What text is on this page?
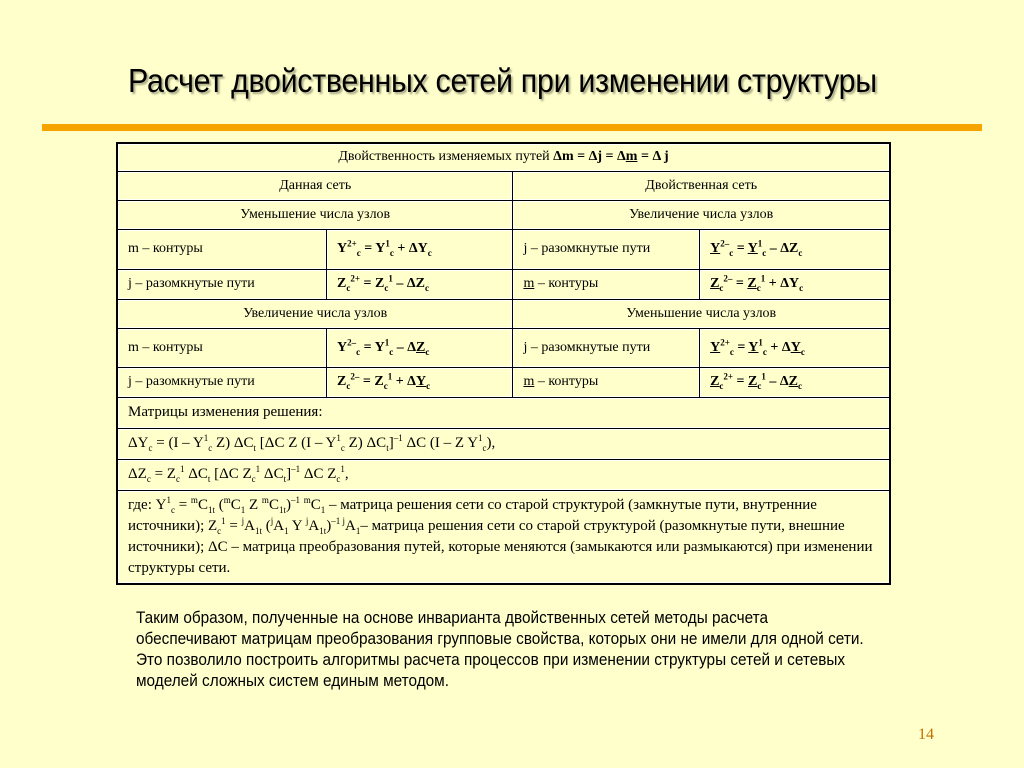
Расчет двойственных сетей при изменении структуры
Двойственность изменяемых путей Δm = Δj = Δm = Δ j			
Данная сеть		Двойственная сеть	
Уменьшение числа узлов		Увеличение числа узлов	
m – контуры	$Y^{2+}_c = Y^1_c + \Delta Y_c$	j – разомкнутые пути	$Y^{2-}_c = Y^1_c - \Delta Z_c$
j – разомкнутые пути	$Z_c^{2+} = Z_c^1 - \Delta Z_c$	m – контуры	$Z_c^{2-} = Z_c^1 + \Delta Y_c$
Увеличение числа узлов		Уменьшение числа узлов	
m – контуры	$Y^{2-}_c = Y^1_c - \Delta Z_c$	j – разомкнутые пути	$Y^{2+}_c = Y^1_c + \Delta Y_c$
j – разомкнутые пути	$Z_c^{2-} = Z_c^1 + \Delta Y_c$	m – контуры	$Z_c^{2+} = Z_c^1 - \Delta Z_c$
Матрицы изменения решения:			
$\Delta Y_c = (I - Y^1_c$ Z) $\Delta C_t$ [ΔC Z ($I - Y^1_c$ Z) $\Delta C_t]^{-1}$ ΔC (I – Z $Y^1_c$),			
$\Delta Z_c = Z_c^1$ $\Delta C_t$ [ΔC $Z_c^1$ $\Delta C_t]^{-1}$ ΔC $Z_c^1$,			
где: $Y^1_c = ^mC_{1t}$ ($^mC_1$ Z $^mC_{1t})^{-1}$ $^mC_1$ – матрица решения сети со старой структурой (замкнутые пути, внутренние источники); $Z_c^1 = ^jA_{1t}$ ($^jA_1$ Y $^jA_{1t})^{-1 j}A_1-$ матрица решения сети со старой структурой (разомкнутые пути, внешние источники); ΔC – матрица преобразования путей, которые меняются (замыкаются или размыкаются) при изменении структуры сети.			
Таким образом, полученные на основе инварианта двойственных сетей методы расчета обеспечивают матрицам преобразования групповые свойства, которых они не имели для одной сети. Это позволило построить алгоритмы расчета процессов при изменении структуры сетей и сетевых моделей сложных систем единым методом.
14
